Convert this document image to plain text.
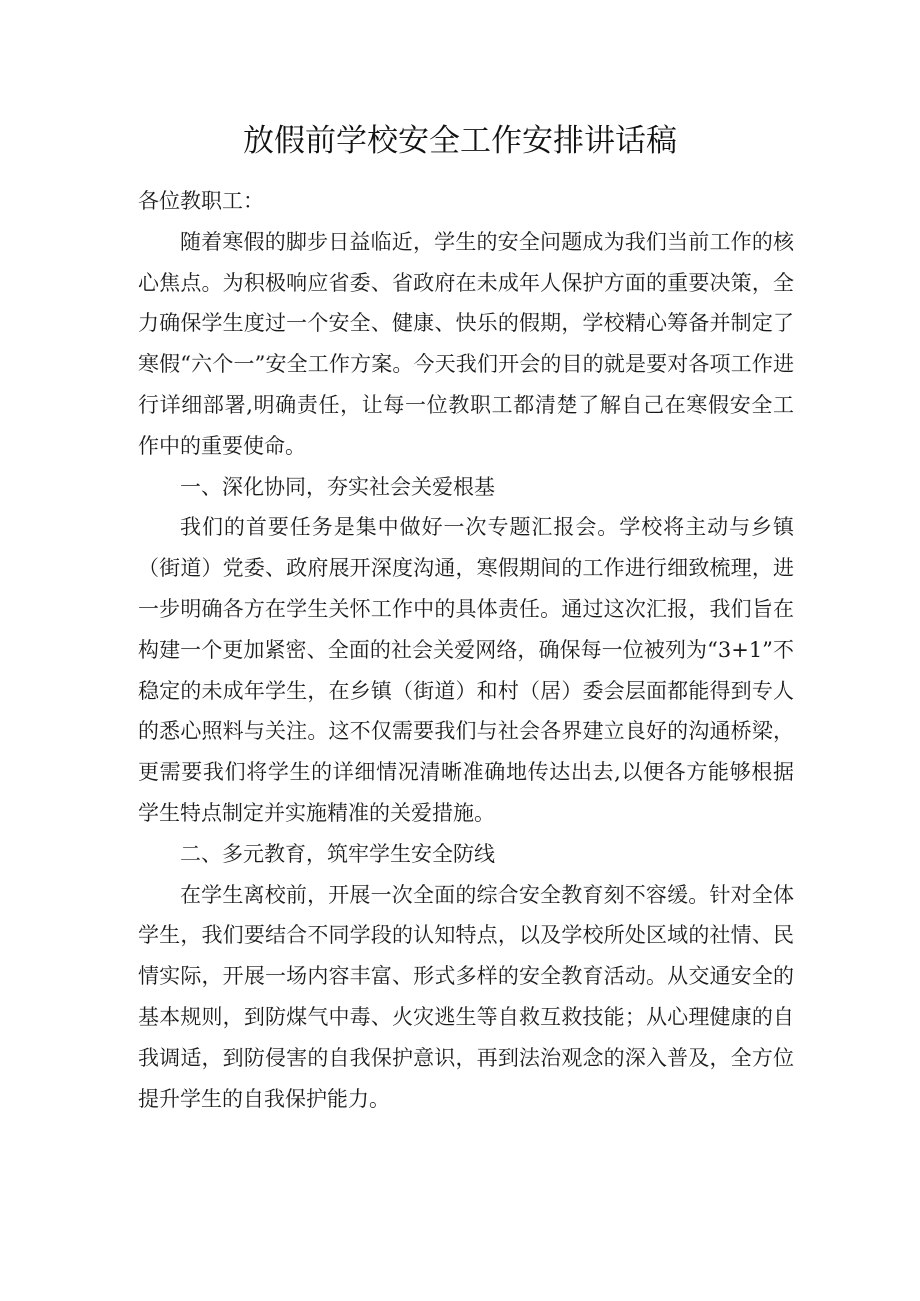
放假前学校安全工作安排讲话稿

各位教职工：

随着寒假的脚步日益临近，学生的安全问题成为我们当前工作的核心焦点。为积极响应省委、省政府在未成年人保护方面的重要决策，全力确保学生度过一个安全、健康、快乐的假期，学校精心筹备并制定了寒假“六个一”安全工作方案。今天我们开会的目的就是要对各项工作进行详细部署,明确责任，让每一位教职工都清楚了解自己在寒假安全工作中的重要使命。

一、深化协同，夯实社会关爱根基

我们的首要任务是集中做好一次专题汇报会。学校将主动与乡镇（街道）党委、政府展开深度沟通，寒假期间的工作进行细致梳理，进一步明确各方在学生关怀工作中的具体责任。通过这次汇报，我们旨在构建一个更加紧密、全面的社会关爱网络，确保每一位被列为“3+1”不稳定的未成年学生，在乡镇（街道）和村（居）委会层面都能得到专人的悉心照料与关注。这不仅需要我们与社会各界建立良好的沟通桥梁，更需要我们将学生的详细情况清晰准确地传达出去,以便各方能够根据学生特点制定并实施精准的关爱措施。

二、多元教育，筑牢学生安全防线

在学生离校前，开展一次全面的综合安全教育刻不容缓。针对全体学生，我们要结合不同学段的认知特点，以及学校所处区域的社情、民情实际，开展一场内容丰富、形式多样的安全教育活动。从交通安全的基本规则，到防煤气中毒、火灾逃生等自救互救技能；从心理健康的自我调适，到防侵害的自我保护意识，再到法治观念的深入普及，全方位提升学生的自我保护能力。
